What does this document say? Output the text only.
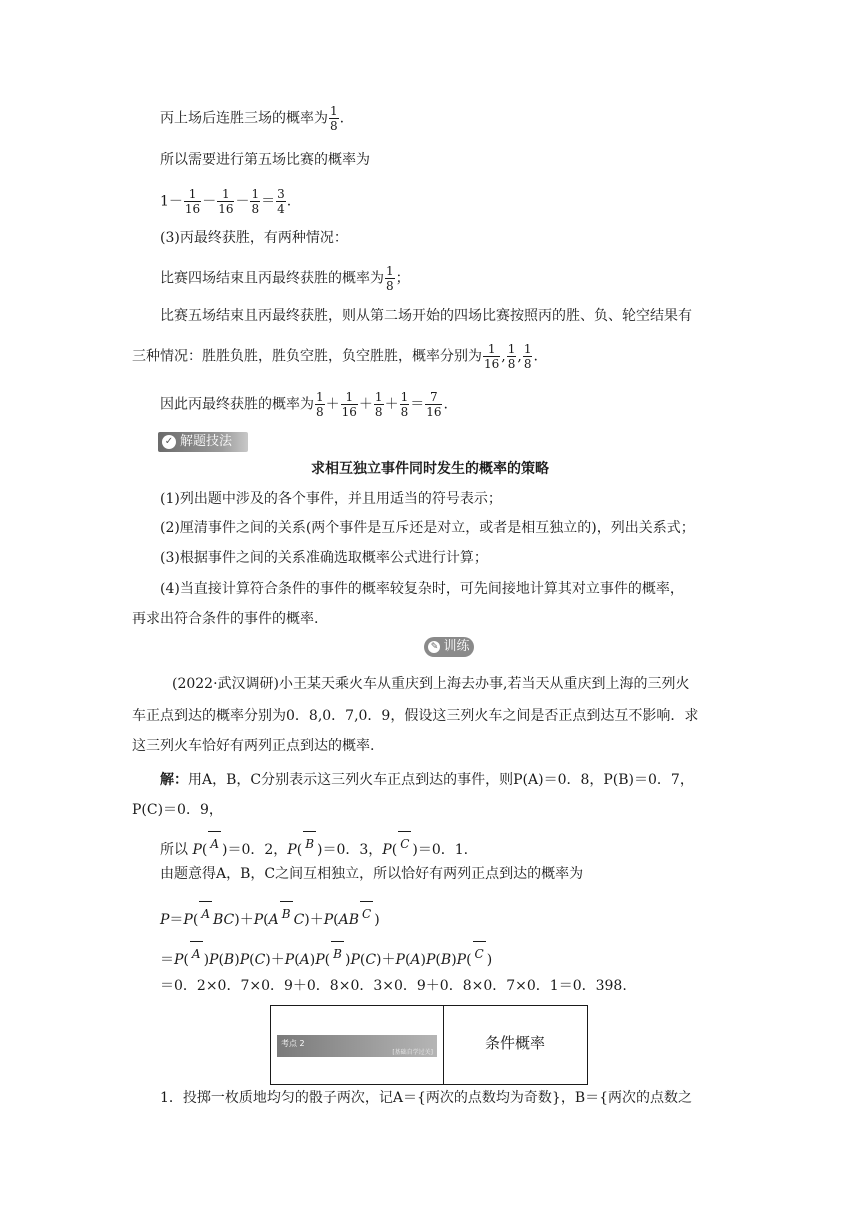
丙上场后连胜三场的概率为 $\frac{1}{8}$ .
所以需要进行第五场比赛的概率为
$1- \frac{1}{16} - \frac{1}{16} - \frac{1}{8} = \frac{3}{4}$ .
(3)丙最终获胜，有两种情况：
比赛四场结束且丙最终获胜的概率为 $\frac{1}{8}$ ；
比赛五场结束且丙最终获胜，则从第二场开始的四场比赛按照丙的胜、负、轮空结果有
三种情况：胜胜负胜，胜负空胜，负空胜胜，概率分别为 $\frac{1}{16}$ , $\frac{1}{8}$ , $\frac{1}{8}$ .
因此丙最终获胜的概率为 $\frac{1}{8} + \frac{1}{16} + \frac{1}{8} + \frac{1}{8} = \frac{7}{16}$ .
✓ 解题技法
求相互独立事件同时发生的概率的策略
(1)列出题中涉及的各个事件，并且用适当的符号表示；
(2)厘清事件之间的关系(两个事件是互斥还是对立，或者是相互独立的)，列出关系式；
(3)根据事件之间的关系准确选取概率公式进行计算；
(4)当直接计算符合条件的事件的概率较复杂时，可先间接地计算其对立事件的概率，
再求出符合条件的事件的概率.
✎ 训练
(2022·武汉调研)小王某天乘火车从重庆到上海去办事,若当天从重庆到上海的三列火
车正点到达的概率分别为0．8,0．7,0．9，假设这三列火车之间是否正点到达互不影响．求
这三列火车恰好有两列正点到达的概率.
解：用A，B，C分别表示这三列火车正点到达的事件，则P(A)＝0．8，P(B)＝0．7，
P(C)＝0．9，
所以 P( A )＝0．2，P( B )＝0．3，P( C )＝0．1.
由题意得A，B，C之间互相独立，所以恰好有两列正点到达的概率为
P＝P( A BC)＋P(A B C)＋P(AB C )
＝P( A )P(B)P(C)＋P(A)P( B )P(C)＋P(A)P(B)P( C )
＝0．2×0．7×0．9＋0．8×0．3×0．9＋0．8×0．7×0．1＝0．398.
考点 2
[基础自学过关]
条件概率
1．投掷一枚质地均匀的骰子两次，记A＝{两次的点数均为奇数}，B＝{两次的点数之
